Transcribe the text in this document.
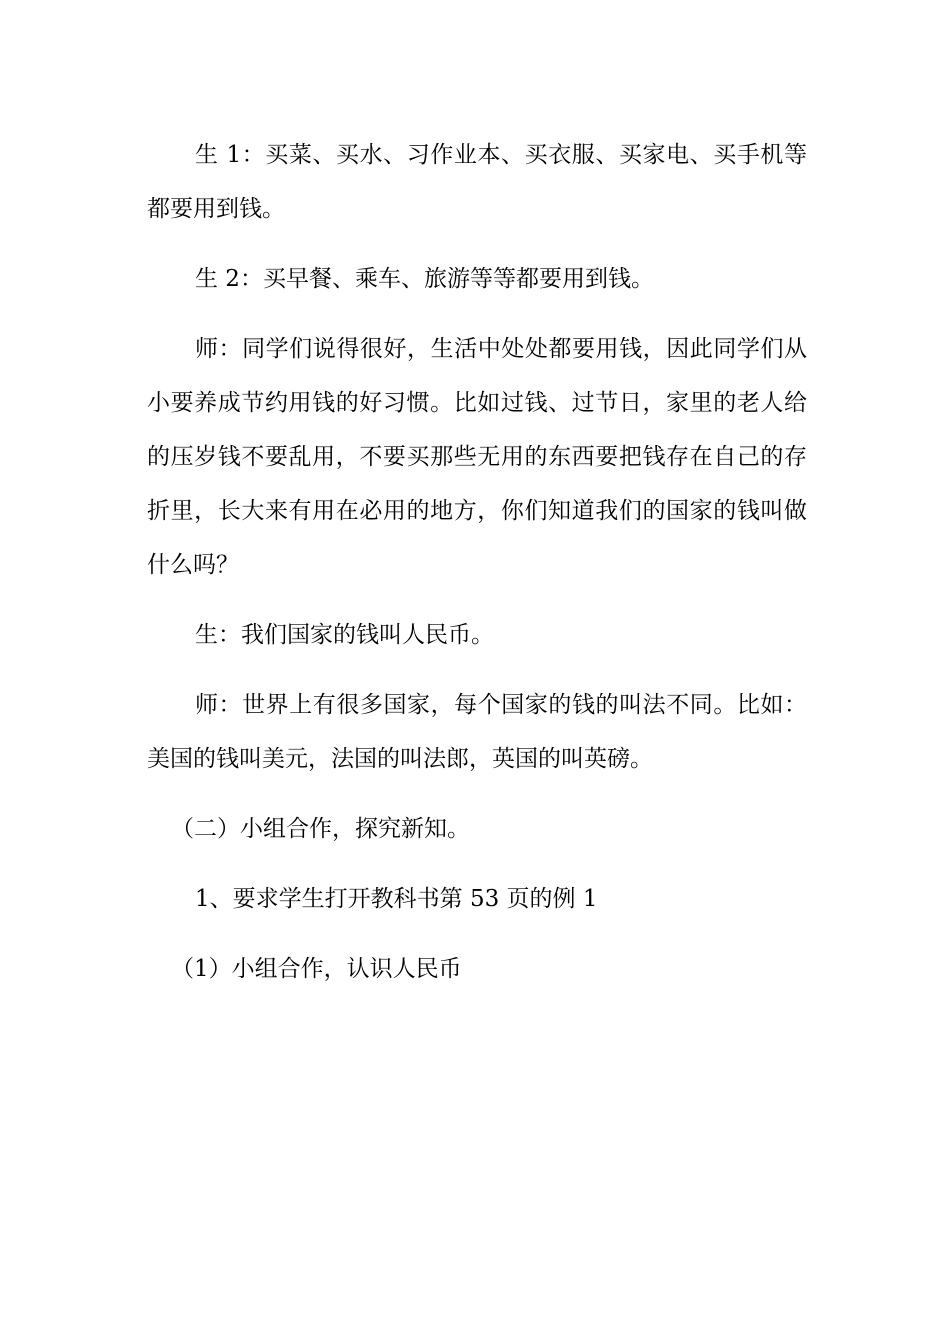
生 1：买菜、买水、习作业本、买衣服、买家电、买手机等都要用到钱。

生 2：买早餐、乘车、旅游等等都要用到钱。

师：同学们说得很好，生活中处处都要用钱，因此同学们从小要养成节约用钱的好习惯。比如过钱、过节日，家里的老人给的压岁钱不要乱用，不要买那些无用的东西要把钱存在自己的存折里，长大来有用在必用的地方，你们知道我们的国家的钱叫做什么吗？

生：我们国家的钱叫人民币。

师：世界上有很多国家，每个国家的钱的叫法不同。比如：美国的钱叫美元，法国的叫法郎，英国的叫英磅。

（二）小组合作，探究新知。

1、要求学生打开教科书第 53 页的例 1

（1）小组合作，认识人民币
